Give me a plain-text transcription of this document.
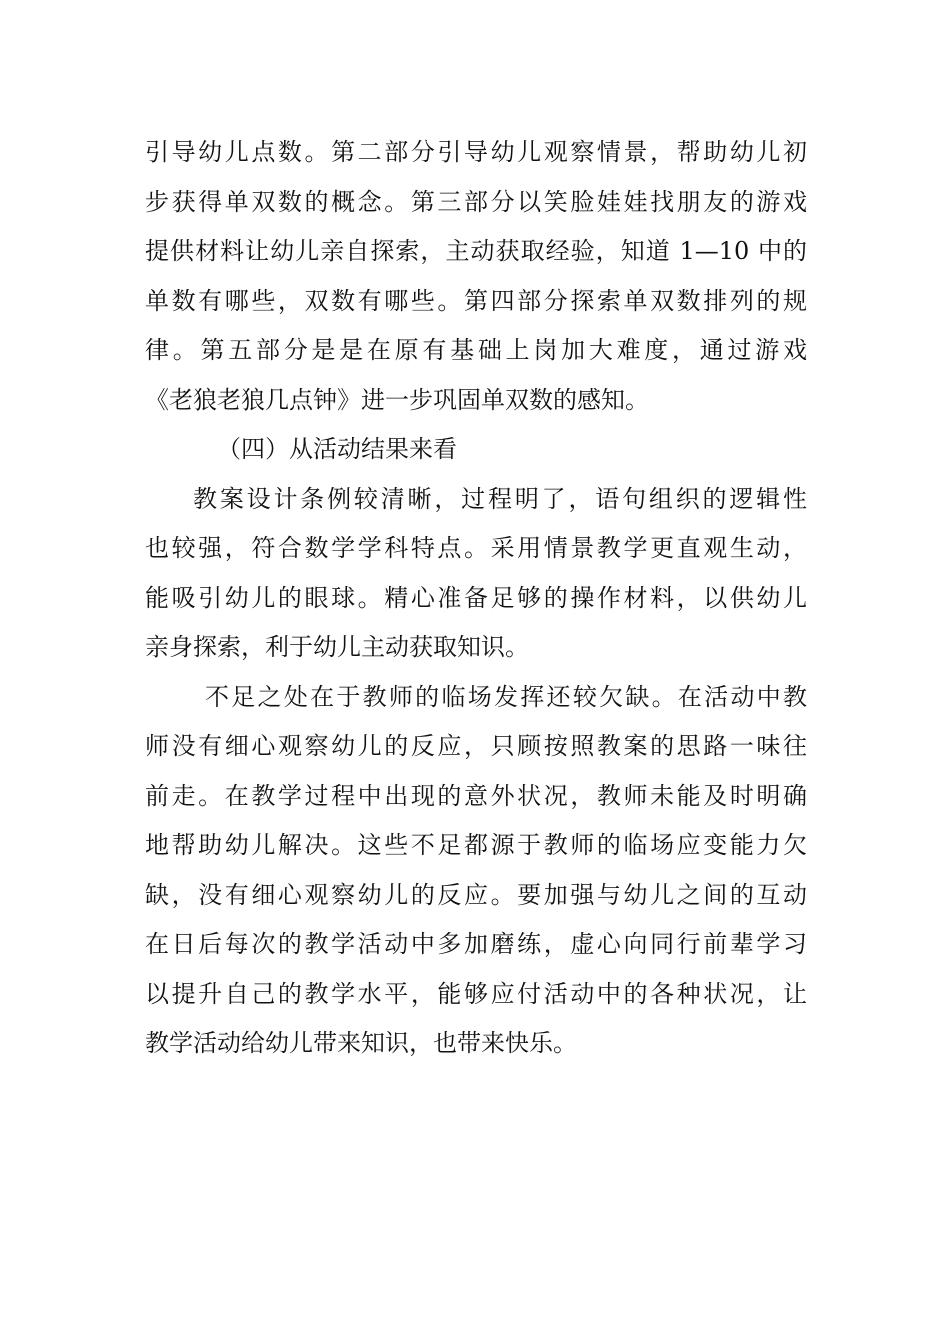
引导幼儿点数。第二部分引导幼儿观察情景，帮助幼儿初
步获得单双数的概念。第三部分以笑脸娃娃找朋友的游戏
提供材料让幼儿亲自探索，主动获取经验，知道 1—10 中的
单数有哪些，双数有哪些。第四部分探索单双数排列的规
律。第五部分是是在原有基础上岗加大难度，通过游戏
《老狼老狼几点钟》进一步巩固单双数的感知。
（四）从活动结果来看
教案设计条例较清晰，过程明了，语句组织的逻辑性
也较强，符合数学学科特点。采用情景教学更直观生动，
能吸引幼儿的眼球。精心准备足够的操作材料，以供幼儿
亲身探索，利于幼儿主动获取知识。
不足之处在于教师的临场发挥还较欠缺。在活动中教
师没有细心观察幼儿的反应，只顾按照教案的思路一味往
前走。在教学过程中出现的意外状况，教师未能及时明确
地帮助幼儿解决。这些不足都源于教师的临场应变能力欠
缺，没有细心观察幼儿的反应。要加强与幼儿之间的互动
在日后每次的教学活动中多加磨练，虚心向同行前辈学习
以提升自己的教学水平，能够应付活动中的各种状况，让
教学活动给幼儿带来知识，也带来快乐。
